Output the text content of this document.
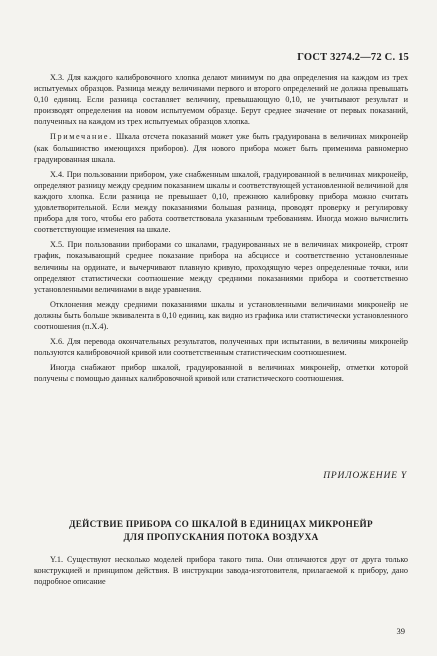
ГОСТ 3274.2—72 С. 15

Х.3. Для каждого калибровочного хлопка делают минимум по два определения на каждом из трех испытуемых образцов. Разница между величинами первого и второго определений не должна превышать 0,10 единиц. Если разница составляет величину, превышающую 0,10, не учитывают результат и производят определения на новом испытуемом образце. Берут среднее значение от первых показаний, полученных на каждом из трех испытуемых образцов хлопка.

Примечание. Шкала отсчета показаний может уже быть градуирована в величинах микронейр (как большинство имеющихся приборов). Для нового прибора может быть применима равномерно градуированная шкала.

Х.4. При пользовании прибором, уже снабженным шкалой, градуированной в величинах микронейр, определяют разницу между средним показанием шкалы и соответствующей установленной величиной для каждого хлопка. Если разница не превышает 0,10, прежнюю калибровку прибора можно считать удовлетворительной. Если между показаниями большая разница, проводят проверку и регулировку прибора для того, чтобы его работа соответствовала указанным требованиям. Иногда можно вычислить соответствующие изменения на шкале.

Х.5. При пользовании приборами со шкалами, градуированных не в величинах микронейр, строят график, показывающий среднее показание прибора на абсциссе и соответственно установленные величины на ординате, и вычерчивают плавную кривую, проходящую через определенные точки, или определяют статистически соотношение между средними показаниями прибора и соответственно установленными величинами в виде уравнения.

Отклонения между средними показаниями шкалы и установленными величинами микронейр не должны быть больше эквивалента в 0,10 единиц, как видно из графика или статистически установленного соотношения (п.Х.4).

Х.6. Для перевода окончательных результатов, полученных при испытании, в величины микронейр пользуются калибровочной кривой или соответственным статистическим соотношением.

Иногда снабжают прибор шкалой, градуированной в величинах микронейр, отметки которой получены с помощью данных калибровочной кривой или статистического соотношения.

ПРИЛОЖЕНИЕ Y
ДЕЙСТВИЕ ПРИБОРА СО ШКАЛОЙ В ЕДИНИЦАХ МИКРОНЕЙР
ДЛЯ ПРОПУСКАНИЯ ПОТОКА ВОЗДУХА

Y.1. Существуют несколько моделей прибора такого типа. Они отличаются друг от друга только конструкцией и принципом действия. В инструкции завода-изготовителя, прилагаемой к прибору, дано подробное описание

39
